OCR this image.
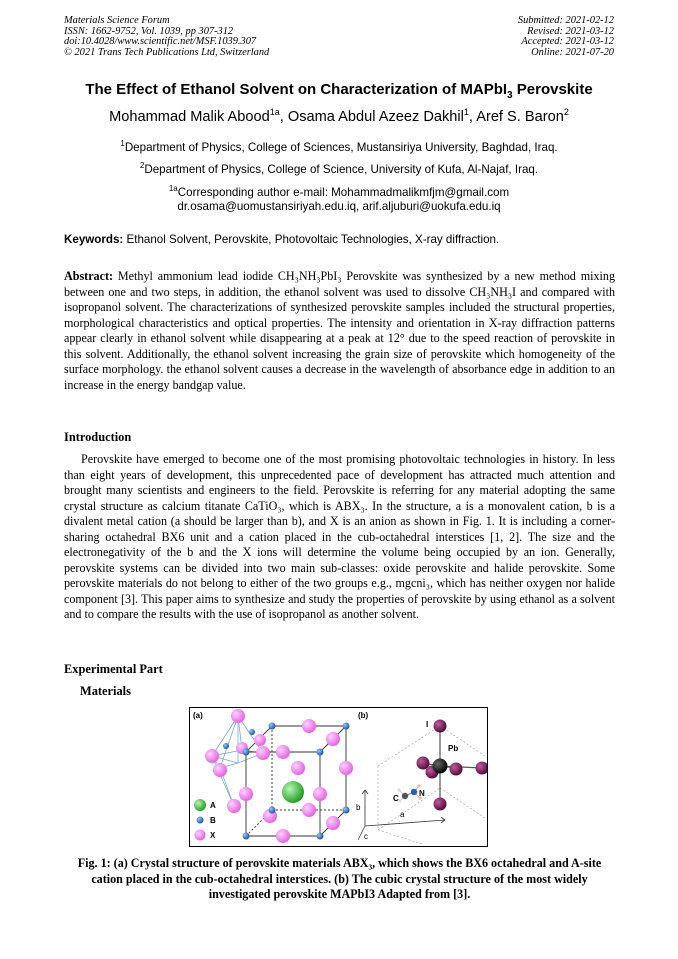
Materials Science Forum
ISSN: 1662-9752, Vol. 1039, pp 307-312
doi:10.4028/www.scientific.net/MSF.1039.307
© 2021 Trans Tech Publications Ltd, Switzerland
Submitted: 2021-02-12
Revised: 2021-03-12
Accepted: 2021-03-12
Online: 2021-07-20
The Effect of Ethanol Solvent on Characterization of MAPbI$_3$ Perovskite
Mohammad Malik Abood$^{1a}$, Osama Abdul Azeez Dakhil$^1$, Aref S. Baron$^2$
$^1$Department of Physics, College of Sciences, Mustansiriya University, Baghdad, Iraq.
$^2$Department of Physics, College of Science, University of Kufa, Al-Najaf, Iraq.
$^{1a}$Corresponding author e-mail: Mohammadmalikmfjm@gmail.com
dr.osama@uomustansiriyah.edu.iq, arif.aljuburi@uokufa.edu.iq
Keywords: Ethanol Solvent, Perovskite, Photovoltaic Technologies, X-ray diffraction.
Abstract: Methyl ammonium lead iodide CH₃NH₃PbI₃ Perovskite was synthesized by a new method mixing between one and two steps, in addition, the ethanol solvent was used to dissolve CH₃NH₃I and compared with isopropanol solvent. The characterizations of synthesized perovskite samples included the structural properties, morphological characteristics and optical properties. The intensity and orientation in X-ray diffraction patterns appear clearly in ethanol solvent while disappearing at a peak at 12° due to the speed reaction of perovskite in this solvent. Additionally, the ethanol solvent increasing the grain size of perovskite which homogeneity of the surface morphology. the ethanol solvent causes a decrease in the wavelength of absorbance edge in addition to an increase in the energy bandgap value.
Introduction
Perovskite have emerged to become one of the most promising photovoltaic technologies in history. In less than eight years of development, this unprecedented pace of development has attracted much attention and brought many scientists and engineers to the field. Perovskite is referring for any material adopting the same crystal structure as calcium titanate CaTiO₃, which is ABX₃. In the structure, a is a monovalent cation, b is a divalent metal cation (a should be larger than b), and X is an anion as shown in Fig. 1. It is including a corner-sharing octahedral BX6 unit and a cation placed in the cub-octahedral interstices [1, 2]. The size and the electronegativity of the b and the X ions will determine the volume being occupied by an ion. Generally, perovskite systems can be divided into two main sub-classes: oxide perovskite and halide perovskite. Some perovskite materials do not belong to either of the two groups e.g., mgcni₃, which has neither oxygen nor halide component [3]. This paper aims to synthesize and study the properties of perovskite by using ethanol as a solvent and to compare the results with the use of isopropanol as another solvent.
Experimental Part
Materials
(a)
A
B
X
(b)
b
a
c
I
Pb
C
N
Fig. 1: (a) Crystal structure of perovskite materials ABX₃, which shows the BX6 octahedral and A-site cation placed in the cub-octahedral interstices. (b) The cubic crystal structure of the most widely investigated perovskite MAPbI3 Adapted from [3].
